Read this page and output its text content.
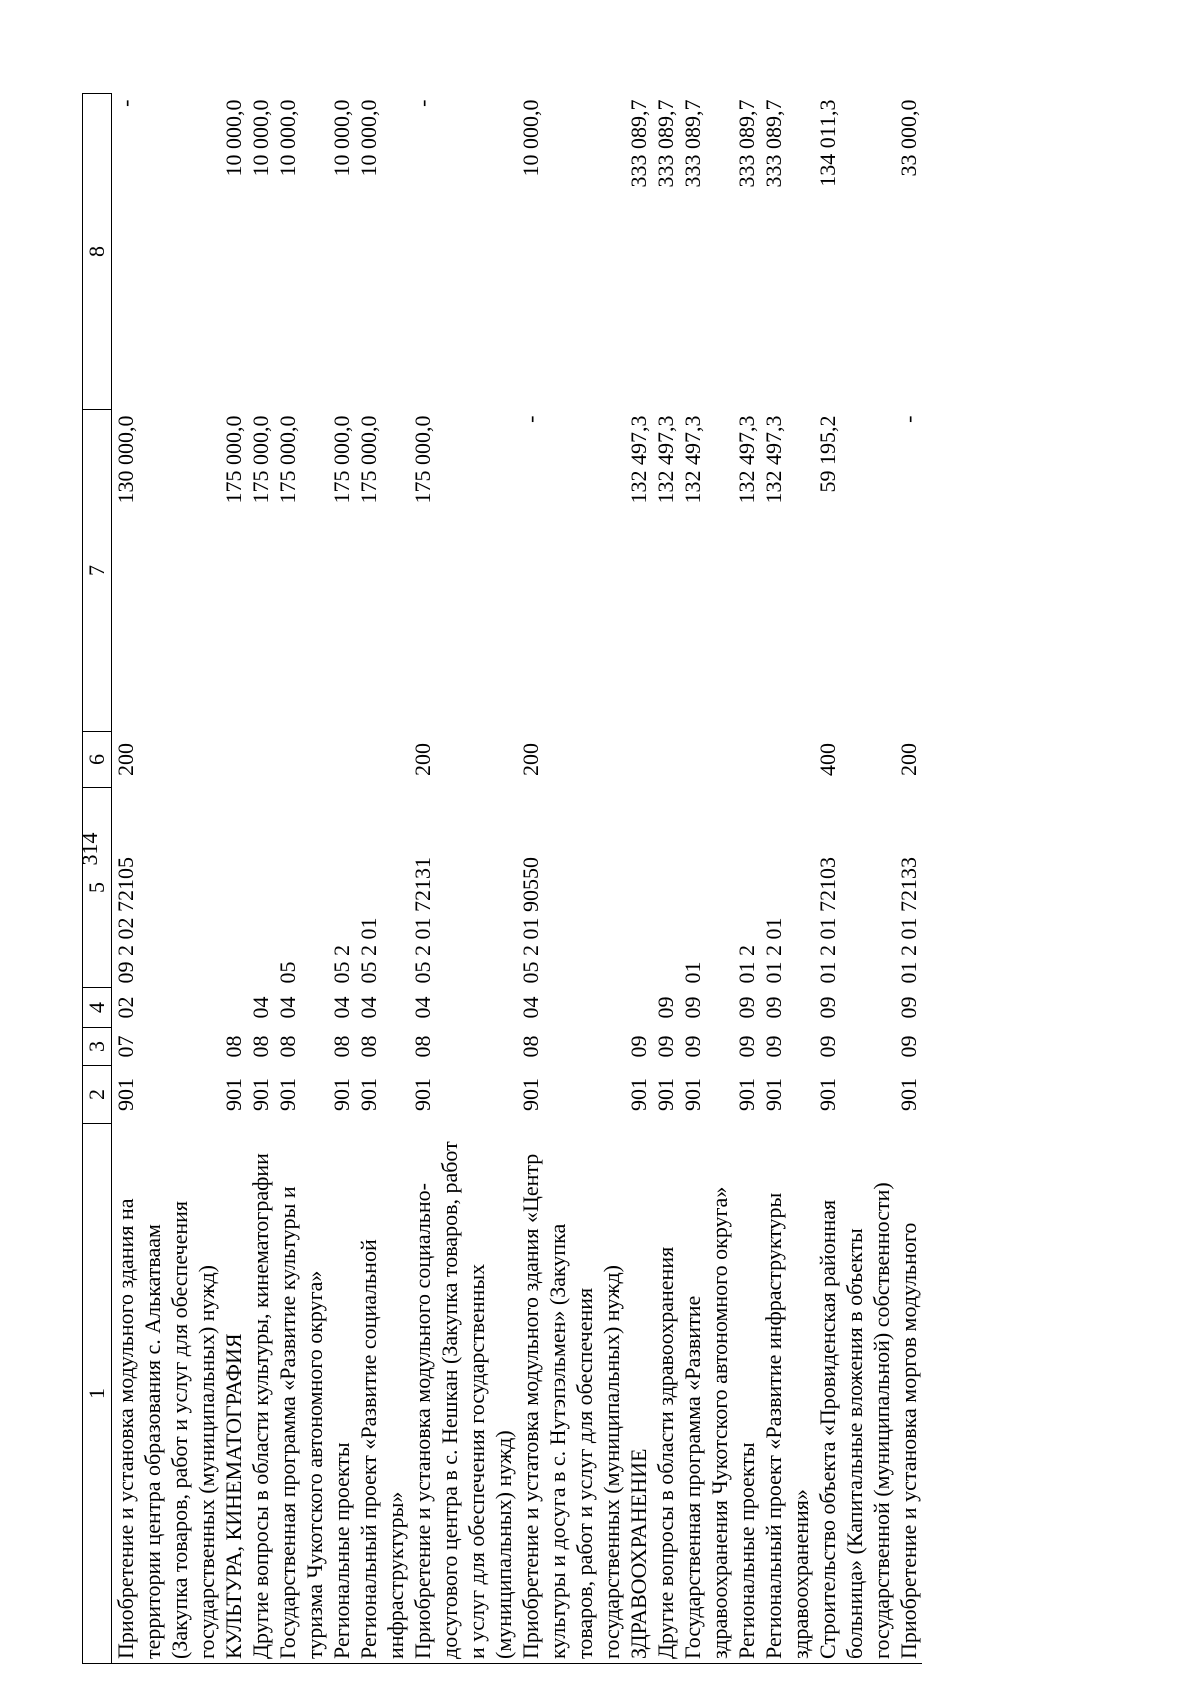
314
1	2	3	4	5	6	7	8
Приобретение и установка модульного здания на	901	07	02	09 2 02 72105	200	130 000,0	-
территории центра образования с. Алькатваам							
(Закупка товаров, работ и услуг для обеспечения							
государственных (муниципальных) нужд)							
КУЛЬТУРА, КИНЕМАТОГРАФИЯ	901	08				175 000,0	10 000,0
Другие вопросы в области культуры, кинематографии	901	08	04			175 000,0	10 000,0
Государственная программа «Развитие культуры и	901	08	04	05		175 000,0	10 000,0
туризма Чукотского автономного округа»							
Региональные проекты	901	08	04	05 2		175 000,0	10 000,0
Региональный проект «Развитие социальной	901	08	04	05 2 01		175 000,0	10 000,0
инфраструктуры»							
Приобретение и установка модульного социально-	901	08	04	05 2 01 72131	200	175 000,0	-
досугового центра в с. Нешкан (Закупка товаров, работ							
и услуг для обеспечения государственных							
(муниципальных) нужд)							
Приобретение и устатовка модульного здания «Центр	901	08	04	05 2 01 90550	200	-	10 000,0
культуры и досуга в с. Нутэпэльмен» (Закупка							
товаров, работ и услуг для обеспечения							
государственных (муниципальных) нужд)							
ЗДРАВООХРАНЕНИЕ	901	09				132 497,3	333 089,7
Другие вопросы в области здравоохранения	901	09	09			132 497,3	333 089,7
Государственная программа «Развитие	901	09	09	01		132 497,3	333 089,7
здравоохранения Чукотского автономного округа»							
Региональные проекты	901	09	09	01 2		132 497,3	333 089,7
Региональный проект «Развитие инфраструктуры	901	09	09	01 2 01		132 497,3	333 089,7
здравоохранения»							
Строительство объекта «Провиденская районная	901	09	09	01 2 01 72103	400	59 195,2	134 011,3
больница» (Капитальные вложения в объекты							
государственной (муниципальной) собственности)							
Приобретение и установка моргов модульного	901	09	09	01 2 01 72133	200	-	33 000,0
